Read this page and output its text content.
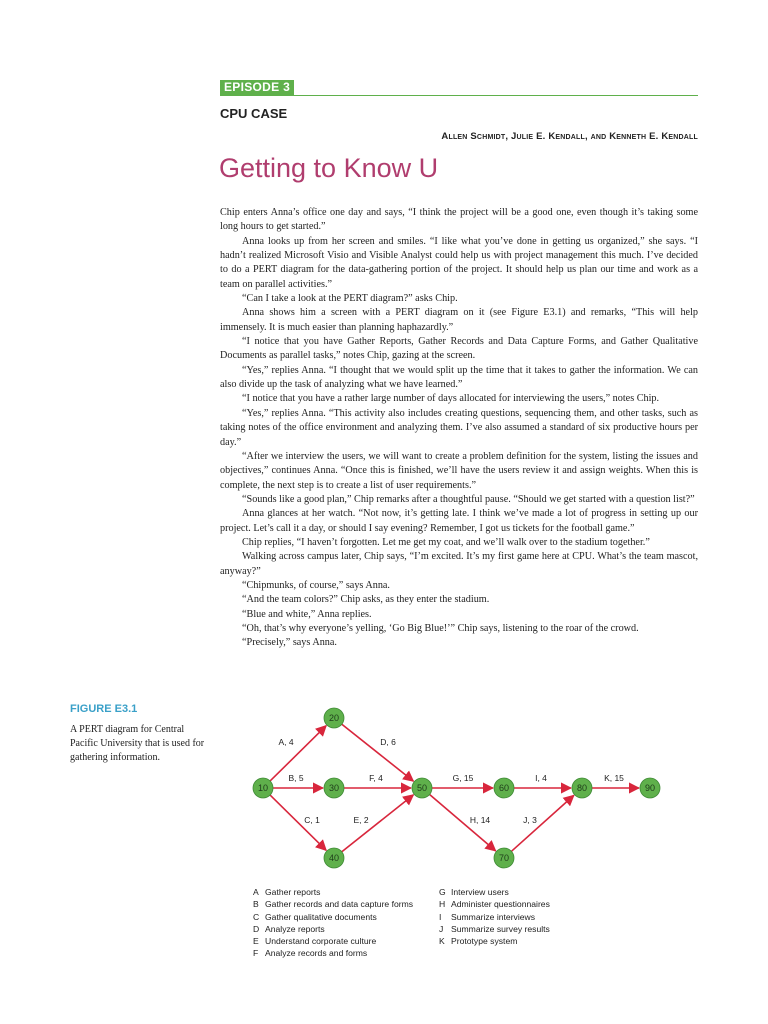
EPISODE 3
CPU CASE
Allen Schmidt, Julie E. Kendall, and Kenneth E. Kendall
Getting to Know U

Chip enters Anna’s office one day and says, “I think the project will be a good one, even though it’s taking some long hours to get started.”

Anna looks up from her screen and smiles. “I like what you’ve done in getting us organized,” she says. “I hadn’t realized Microsoft Visio and Visible Analyst could help us with project management this much. I’ve decided to do a PERT diagram for the data-gathering portion of the project. It should help us plan our time and work as a team on parallel activities.”

“Can I take a look at the PERT diagram?” asks Chip.

Anna shows him a screen with a PERT diagram on it (see Figure E3.1) and remarks, “This will help immensely. It is much easier than planning haphazardly.”

“I notice that you have Gather Reports, Gather Records and Data Capture Forms, and Gather Qualitative Documents as parallel tasks,” notes Chip, gazing at the screen.

“Yes,” replies Anna. “I thought that we would split up the time that it takes to gather the information. We can also divide up the task of analyzing what we have learned.”

“I notice that you have a rather large number of days allocated for interviewing the users,” notes Chip.

“Yes,” replies Anna. “This activity also includes creating questions, sequencing them, and other tasks, such as taking notes of the office environment and analyzing them. I’ve also assumed a standard of six productive hours per day.”

“After we interview the users, we will want to create a problem definition for the system, listing the issues and objectives,” continues Anna. “Once this is finished, we’ll have the users review it and assign weights. When this is complete, the next step is to create a list of user requirements.”

“Sounds like a good plan,” Chip remarks after a thoughtful pause. “Should we get started with a question list?”

Anna glances at her watch. “Not now, it’s getting late. I think we’ve made a lot of progress in setting up our project. Let’s call it a day, or should I say evening? Remember, I got us tickets for the football game.”

Chip replies, “I haven’t forgotten. Let me get my coat, and we’ll walk over to the stadium together.”

Walking across campus later, Chip says, “I’m excited. It’s my first game here at CPU. What’s the team mascot, anyway?”

“Chipmunks, of course,” says Anna.

“And the team colors?” Chip asks, as they enter the stadium.

“Blue and white,” Anna replies.

“Oh, that’s why everyone’s yelling, ‘Go Big Blue!’” Chip says, listening to the roar of the crowd.

“Precisely,” says Anna.

FIGURE E3.1
A PERT diagram for Central Pacific University that is used for gathering information.
A, 4
B, 5
C, 1
D, 6
E, 2
F, 4	G, 15
H, 14
I, 4
J, 3
K, 15
10
20
30
40
50	60
70
80	90
A Gather reports
B Gather records and data capture forms
C Gather qualitative documents
D Analyze reports
E Understand corporate culture
F Analyze records and forms
G Interview users
H Administer questionnaires
I Summarize interviews
J Summarize survey results
K Prototype system
